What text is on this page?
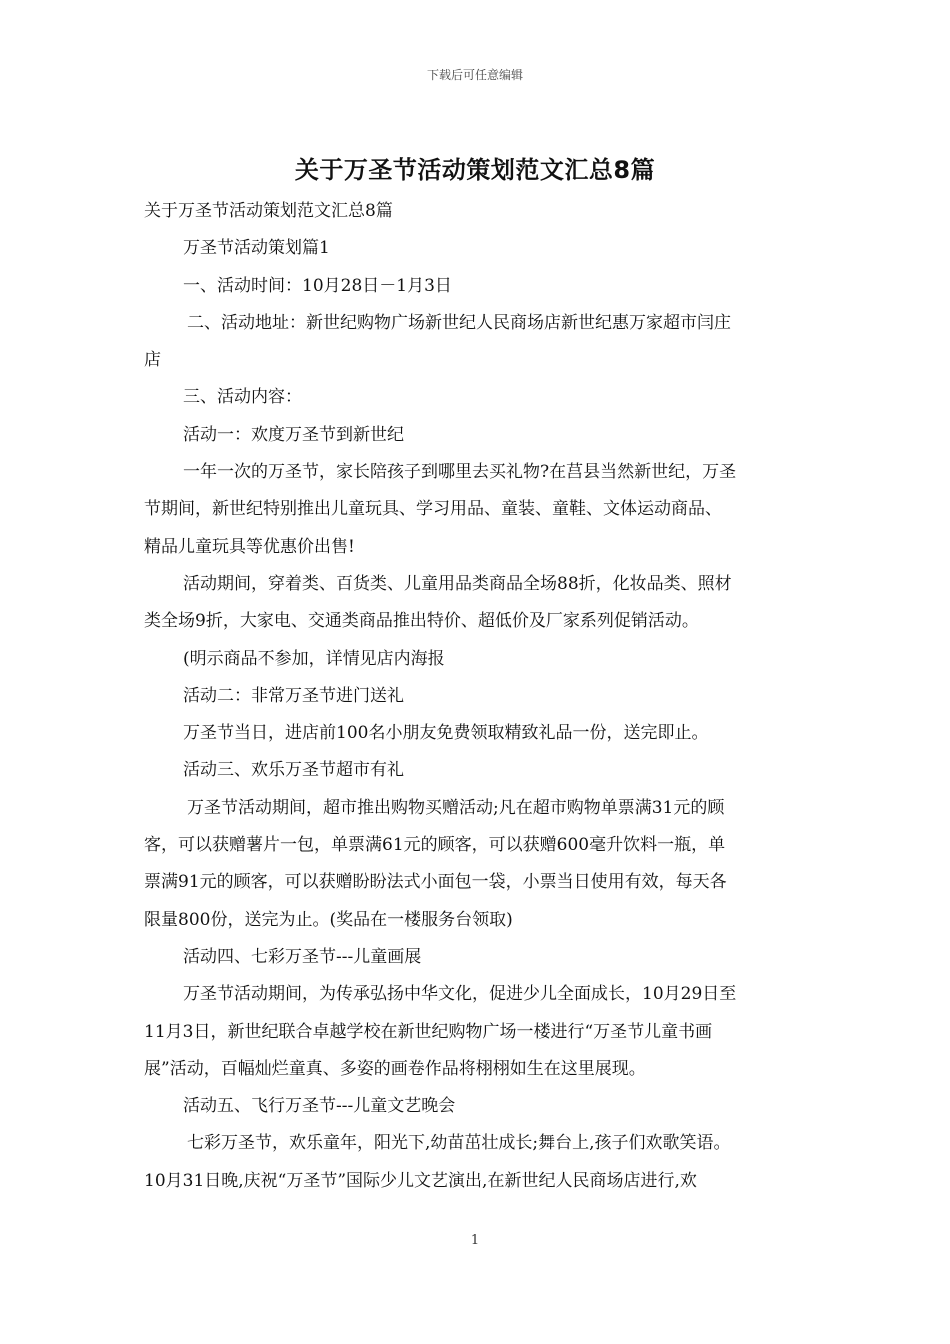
下载后可任意编辑
关于万圣节活动策划范文汇总8篇

关于万圣节活动策划范文汇总8篇

万圣节活动策划篇1

一、活动时间：10月28日－1月3日

二、活动地址：新世纪购物广场新世纪人民商场店新世纪惠万家超市闫庄

店

三、活动内容：

活动一：欢度万圣节到新世纪

一年一次的万圣节，家长陪孩子到哪里去买礼物?在莒县当然新世纪，万圣

节期间，新世纪特别推出儿童玩具、学习用品、童装、童鞋、文体运动商品、

精品儿童玩具等优惠价出售!

活动期间，穿着类、百货类、儿童用品类商品全场88折，化妆品类、照材

类全场9折，大家电、交通类商品推出特价、超低价及厂家系列促销活动。

(明示商品不参加，详情见店内海报

活动二：非常万圣节进门送礼

万圣节当日，进店前100名小朋友免费领取精致礼品一份，送完即止。

活动三、欢乐万圣节超市有礼

万圣节活动期间，超市推出购物买赠活动;凡在超市购物单票满31元的顾

客，可以获赠薯片一包，单票满61元的顾客，可以获赠600毫升饮料一瓶，单

票满91元的顾客，可以获赠盼盼法式小面包一袋，小票当日使用有效，每天各

限量800份，送完为止。(奖品在一楼服务台领取)

活动四、七彩万圣节---儿童画展

万圣节活动期间，为传承弘扬中华文化，促进少儿全面成长，10月29日至

11月3日，新世纪联合卓越学校在新世纪购物广场一楼进行“万圣节儿童书画

展”活动，百幅灿烂童真、多姿的画卷作品将栩栩如生在这里展现。

活动五、飞行万圣节---儿童文艺晚会

七彩万圣节，欢乐童年，阳光下,幼苗茁壮成长;舞台上,孩子们欢歌笑语。

10月31日晚,庆祝“万圣节”国际少儿文艺演出,在新世纪人民商场店进行,欢

1
